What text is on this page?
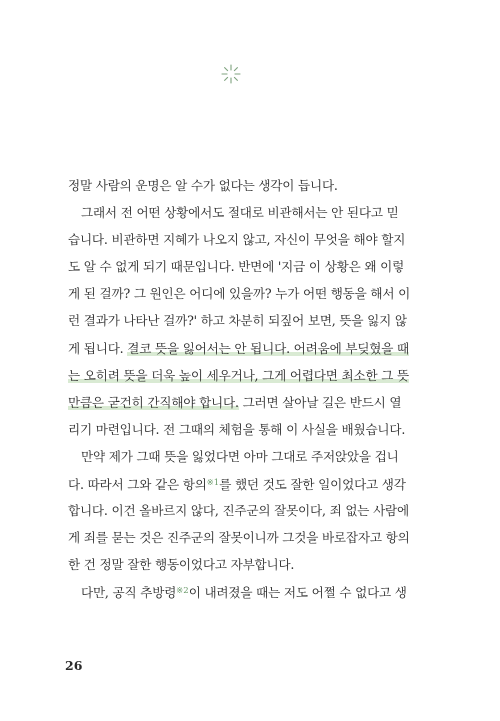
정말 사람의 운명은 알 수가 없다는 생각이 듭니다.
그래서 전 어떤 상황에서도 절대로 비관해서는 안 된다고 믿
습니다. 비관하면 지혜가 나오지 않고, 자신이 무엇을 해야 할지
도 알 수 없게 되기 때문입니다. 반면에 '지금 이 상황은 왜 이렇
게 된 걸까? 그 원인은 어디에 있을까? 누가 어떤 행동을 해서 이
런 결과가 나타난 걸까?' 하고 차분히 되짚어 보면, 뜻을 잃지 않
게 됩니다. 결코 뜻을 잃어서는 안 됩니다. 어려움에 부딪혔을 때
는 오히려 뜻을 더욱 높이 세우거나, 그게 어렵다면 최소한 그 뜻
만큼은 굳건히 간직해야 합니다. 그러면 살아날 길은 반드시 열
리기 마련입니다. 전 그때의 체험을 통해 이 사실을 배웠습니다.
만약 제가 그때 뜻을 잃었다면 아마 그대로 주저앉았을 겁니
다. 따라서 그와 같은 항의$^{※1}$를 했던 것도 잘한 일이었다고 생각
합니다. 이건 올바르지 않다, 진주군의 잘못이다, 죄 없는 사람에
게 죄를 묻는 것은 진주군의 잘못이니까 그것을 바로잡자고 항의
한 건 정말 잘한 행동이었다고 자부합니다.
다만, 공직 추방령$^{※2}$이 내려졌을 때는 저도 어쩔 수 없다고 생
26
